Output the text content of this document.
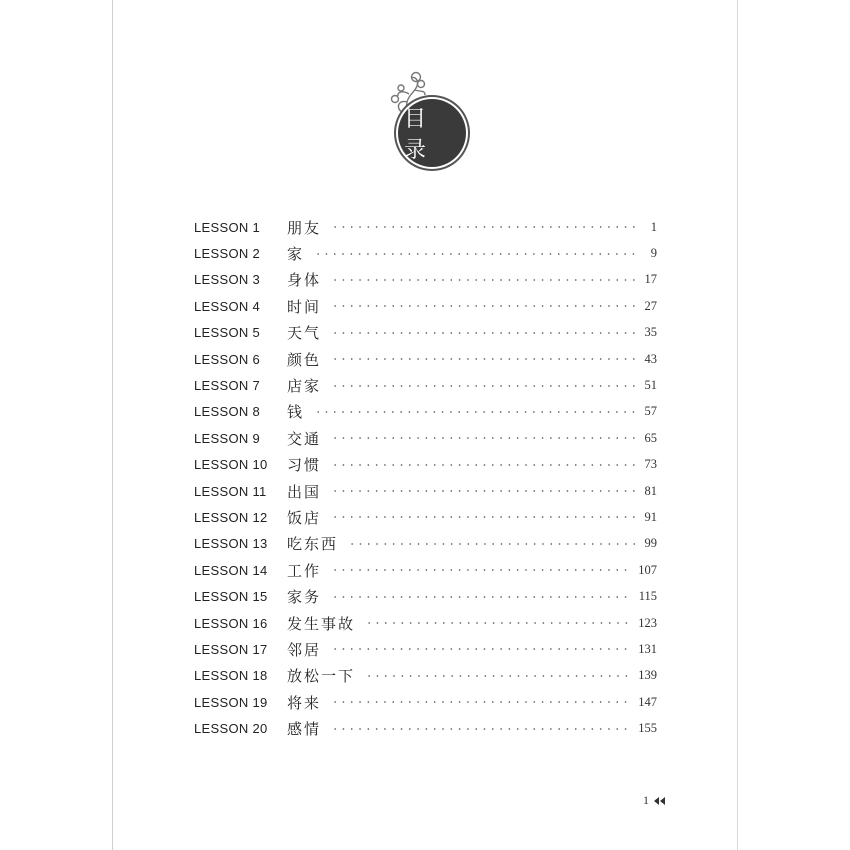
目 录
LESSON 1	朋友	1
LESSON 2	家	9
LESSON 3	身体	17
LESSON 4	时间	27
LESSON 5	天气	35
LESSON 6	颜色	43
LESSON 7	店家	51
LESSON 8	钱	57
LESSON 9	交通	65
LESSON 10	习惯	73
LESSON 11	出国	81
LESSON 12	饭店	91
LESSON 13	吃东西	99
LESSON 14	工作	107
LESSON 15	家务	115
LESSON 16	发生事故	123
LESSON 17	邻居	131
LESSON 18	放松一下	139
LESSON 19	将来	147
LESSON 20	感情	155
1
